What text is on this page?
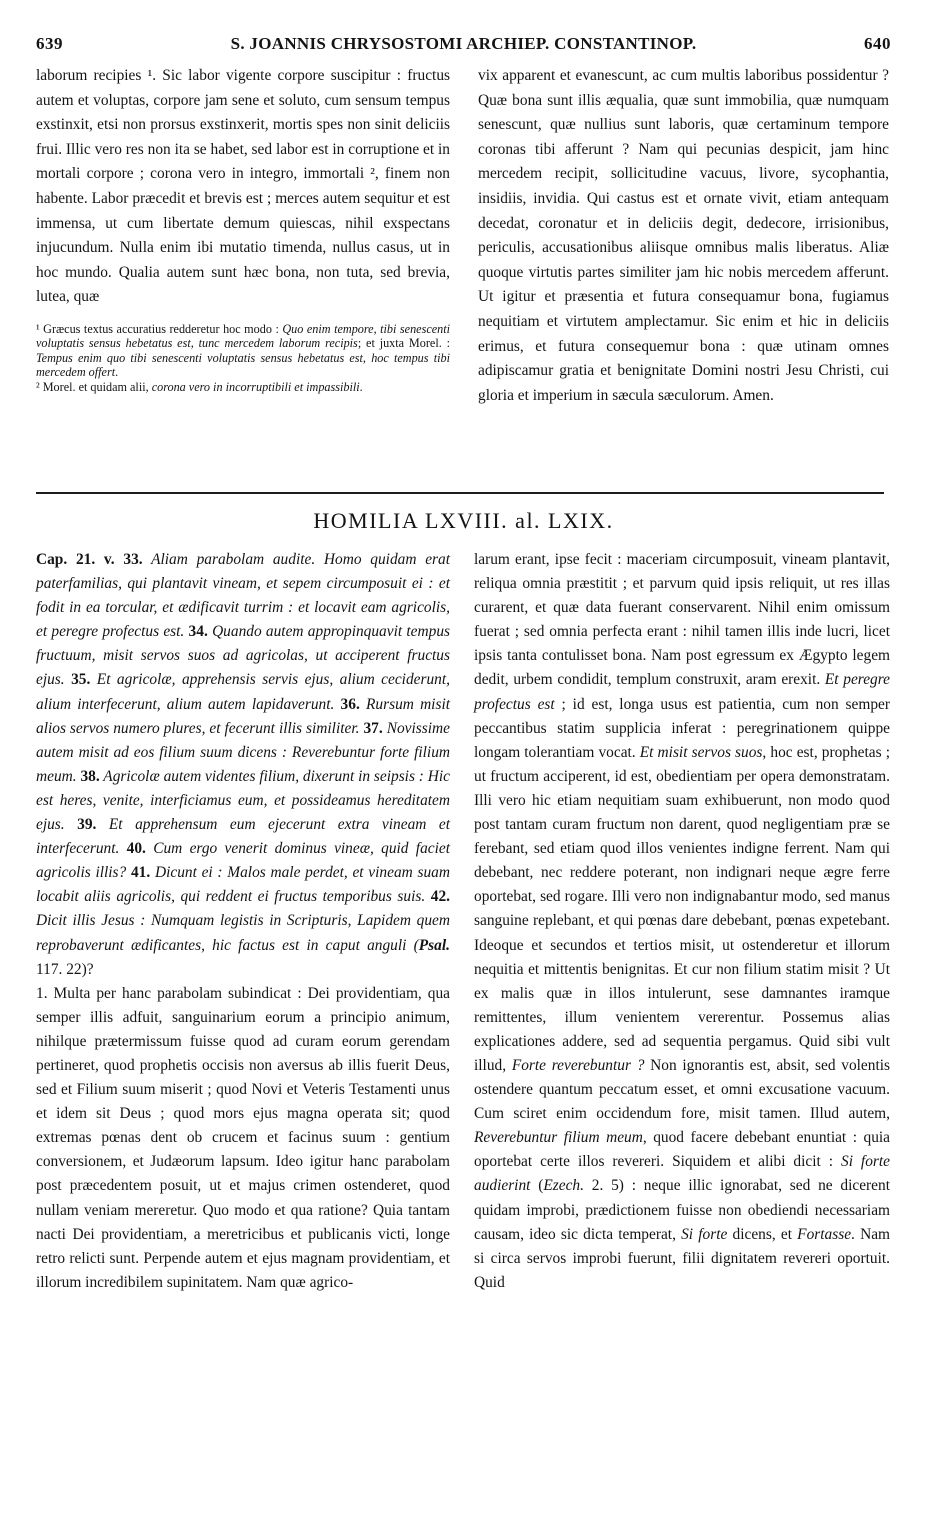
639	S. JOANNIS CHRYSOSTOMI ARCHIEP. CONSTANTINOP.	640

laborum recipies ¹. Sic labor vigente corpore suscipitur : fructus autem et voluptas, corpore jam sene et soluto, cum sensum tempus exstinxit, etsi non prorsus exstinxerit, mortis spes non sinit deliciis frui. Illic vero res non ita se habet, sed labor est in corruptione et in mortali corpore ; corona vero in integro, immortali ², finem non habente. Labor præcedit et brevis est ; merces autem sequitur et est immensa, ut cum libertate demum quiescas, nihil exspectans injucundum. Nulla enim ibi mutatio timenda, nullus casus, ut in hoc mundo. Qualia autem sunt hæc bona, non tuta, sed brevia, lutea, quæ

¹ Græcus textus accuratius redderetur hoc modo : Quo enim tempore, tibi senescenti voluptatis sensus hebetatus est, tunc mercedem laborum recipis; et juxta Morel. : Tempus enim quo tibi senescenti voluptatis sensus hebetatus est, hoc tempus tibi mercedem offert.

² Morel. et quidam alii, corona vero in incorruptibili et impassibili.

vix apparent et evanescunt, ac cum multis laboribus possidentur ? Quæ bona sunt illis æqualia, quæ sunt immobilia, quæ numquam senescunt, quæ nullius sunt laboris, quæ certaminum tempore coronas tibi afferunt ? Nam qui pecunias despicit, jam hinc mercedem recipit, sollicitudine vacuus, livore, sycophantia, insidiis, invidia. Qui castus est et ornate vivit, etiam antequam decedat, coronatur et in deliciis degit, dedecore, irrisionibus, periculis, accusationibus aliisque omnibus malis liberatus. Aliæ quoque virtutis partes similiter jam hic nobis mercedem afferunt. Ut igitur et præsentia et futura consequamur bona, fugiamus nequitiam et virtutem amplectamur. Sic enim et hic in deliciis erimus, et futura consequemur bona : quæ utinam omnes adipiscamur gratia et benignitate Domini nostri Jesu Christi, cui gloria et imperium in sæcula sæculorum. Amen.

HOMILIA LXVIII. al. LXIX.

Cap. 21. v. 33. Aliam parabolam audite. Homo quidam erat paterfamilias, qui plantavit vineam, et sepem circumposuit ei : et fodit in ea torcular, et ædificavit turrim : et locavit eam agricolis, et peregre profectus est. 34. Quando autem appropinquavit tempus fructuum, misit servos suos ad agricolas, ut acciperent fructus ejus. 35. Et agricolæ, apprehensis servis ejus, alium ceciderunt, alium interfecerunt, alium autem lapidaverunt. 36. Rursum misit alios servos numero plures, et fecerunt illis similiter. 37. Novissime autem misit ad eos filium suum dicens : Reverebuntur forte filium meum. 38. Agricolæ autem videntes filium, dixerunt in seipsis : Hic est heres, venite, interficiamus eum, et possideamus hereditatem ejus. 39. Et apprehensum eum ejecerunt extra vineam et interfecerunt. 40. Cum ergo venerit dominus vineæ, quid faciet agricolis illis? 41. Dicunt ei : Malos male perdet, et vineam suam locabit aliis agricolis, qui reddent ei fructus temporibus suis. 42. Dicit illis Jesus : Numquam legistis in Scripturis, Lapidem quem reprobaverunt ædificantes, hic factus est in caput anguli (Psal. 117. 22)?

1. Multa per hanc parabolam subindicat : Dei providentiam, qua semper illis adfuit, sanguinarium eorum a principio animum, nihilque prætermissum fuisse quod ad curam eorum gerendam pertineret, quod prophetis occisis non aversus ab illis fuerit Deus, sed et Filium suum miserit ; quod Novi et Veteris Testamenti unus et idem sit Deus ; quod mors ejus magna operata sit; quod extremas pœnas dent ob crucem et facinus suum : gentium conversionem, et Judæorum lapsum. Ideo igitur hanc parabolam post præcedentem posuit, ut et majus crimen ostenderet, quod nullam veniam mereretur. Quo modo et qua ratione? Quia tantam nacti Dei providentiam, a meretricibus et publicanis victi, longe retro relicti sunt. Perpende autem et ejus magnam providentiam, et illorum incredibilem supinitatem. Nam quæ agrico-

larum erant, ipse fecit : maceriam circumposuit, vineam plantavit, reliqua omnia præstitit ; et parvum quid ipsis reliquit, ut res illas curarent, et quæ data fuerant conservarent. Nihil enim omissum fuerat ; sed omnia perfecta erant : nihil tamen illis inde lucri, licet ipsis tanta contulisset bona. Nam post egressum ex Ægypto legem dedit, urbem condidit, templum construxit, aram erexit. Et peregre profectus est ; id est, longa usus est patientia, cum non semper peccantibus statim supplicia inferat : peregrinationem quippe longam tolerantiam vocat. Et misit servos suos, hoc est, prophetas ; ut fructum acciperent, id est, obedientiam per opera demonstratam. Illi vero hic etiam nequitiam suam exhibuerunt, non modo quod post tantam curam fructum non darent, quod negligentiam præ se ferebant, sed etiam quod illos venientes indigne ferrent. Nam qui debebant, nec reddere poterant, non indignari neque ægre ferre oportebat, sed rogare. Illi vero non indignabantur modo, sed manus sanguine replebant, et qui pœnas dare debebant, pœnas expetebant. Ideoque et secundos et tertios misit, ut ostenderetur et illorum nequitia et mittentis benignitas. Et cur non filium statim misit ? Ut ex malis quæ in illos intulerunt, sese damnantes iramque remittentes, illum venientem vererentur. Possemus alias explicationes addere, sed ad sequentia pergamus. Quid sibi vult illud, Forte reverebuntur ? Non ignorantis est, absit, sed volentis ostendere quantum peccatum esset, et omni excusatione vacuum. Cum sciret enim occidendum fore, misit tamen. Illud autem, Reverebuntur filium meum, quod facere debebant enuntiat : quia oportebat certe illos revereri. Siquidem et alibi dicit : Si forte audierint (Ezech. 2. 5) : neque illic ignorabat, sed ne dicerent quidam improbi, prædictionem fuisse non obediendi necessariam causam, ideo sic dicta temperat, Si forte dicens, et Fortasse. Nam si circa servos improbi fuerunt, filii dignitatem revereri oportuit. Quid
